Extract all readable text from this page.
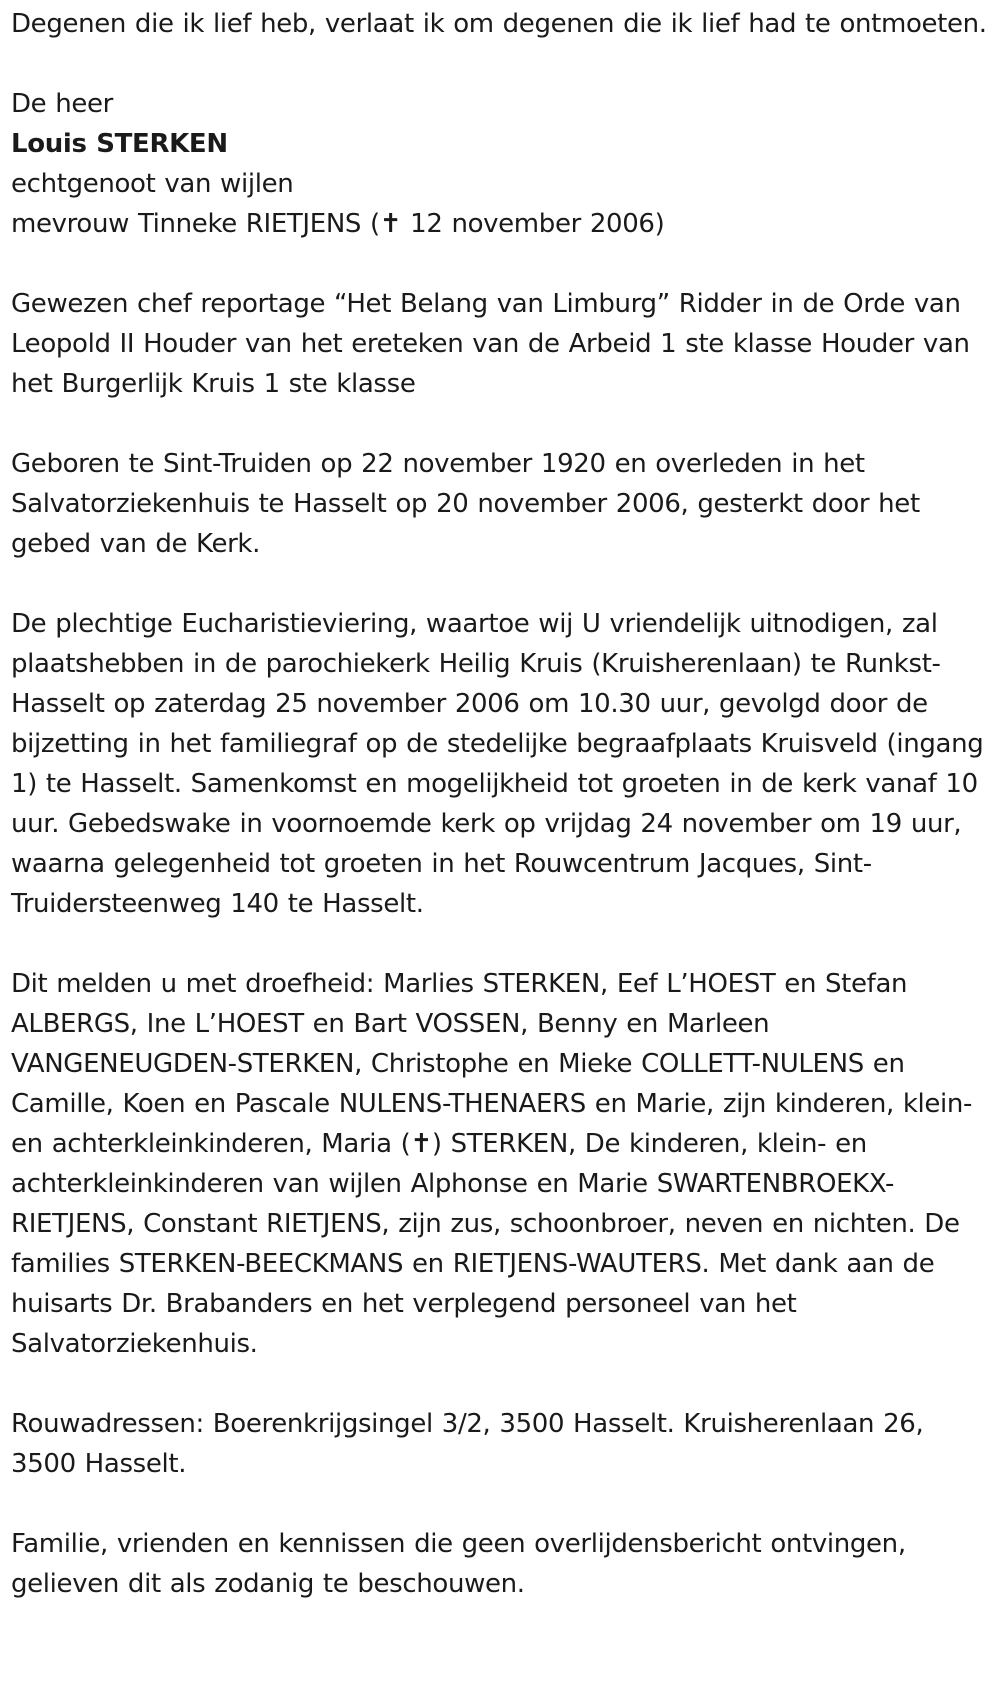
Degenen die ik lief heb, verlaat ik om degenen die ik lief had te ontmoeten.

De heer
Louis STERKEN
echtgenoot van wijlen
mevrouw Tinneke RIETJENS (✝ 12 november 2006)

Gewezen chef reportage “Het Belang van Limburg” Ridder in de Orde van Leopold II Houder van het ereteken van de Arbeid 1 ste klasse Houder van het Burgerlijk Kruis 1 ste klasse

Geboren te Sint-Truiden op 22 november 1920 en overleden in het Salvatorziekenhuis te Hasselt op 20 november 2006, gesterkt door het gebed van de Kerk.

De plechtige Eucharistieviering, waartoe wij U vriendelijk uitnodigen, zal plaatshebben in de parochiekerk Heilig Kruis (Kruisherenlaan) te Runkst-Hasselt op zaterdag 25 november 2006 om 10.30 uur, gevolgd door de bijzetting in het familiegraf op de stedelijke begraafplaats Kruisveld (ingang 1) te Hasselt. Samenkomst en mogelijkheid tot groeten in de kerk vanaf 10 uur. Gebedswake in voornoemde kerk op vrijdag 24 november om 19 uur, waarna gelegenheid tot groeten in het Rouwcentrum Jacques, Sint-Truidersteenweg 140 te Hasselt.

Dit melden u met droefheid: Marlies STERKEN, Eef L’HOEST en Stefan ALBERGS, Ine L’HOEST en Bart VOSSEN, Benny en Marleen VANGENEUGDEN-STERKEN, Christophe en Mieke COLLETT-NULENS en Camille, Koen en Pascale NULENS-THENAERS en Marie, zijn kinderen, klein- en achterkleinkinderen, Maria (✝) STERKEN, De kinderen, klein- en achterkleinkinderen van wijlen Alphonse en Marie SWARTENBROEKX-RIETJENS, Constant RIETJENS, zijn zus, schoonbroer, neven en nichten. De families STERKEN-BEECKMANS en RIETJENS-WAUTERS. Met dank aan de huisarts Dr. Brabanders en het verplegend personeel van het Salvatorziekenhuis.

Rouwadressen: Boerenkrijgsingel 3/2, 3500 Hasselt. Kruisherenlaan 26, 3500 Hasselt.

Familie, vrienden en kennissen die geen overlijdensbericht ontvingen, gelieven dit als zodanig te beschouwen.
